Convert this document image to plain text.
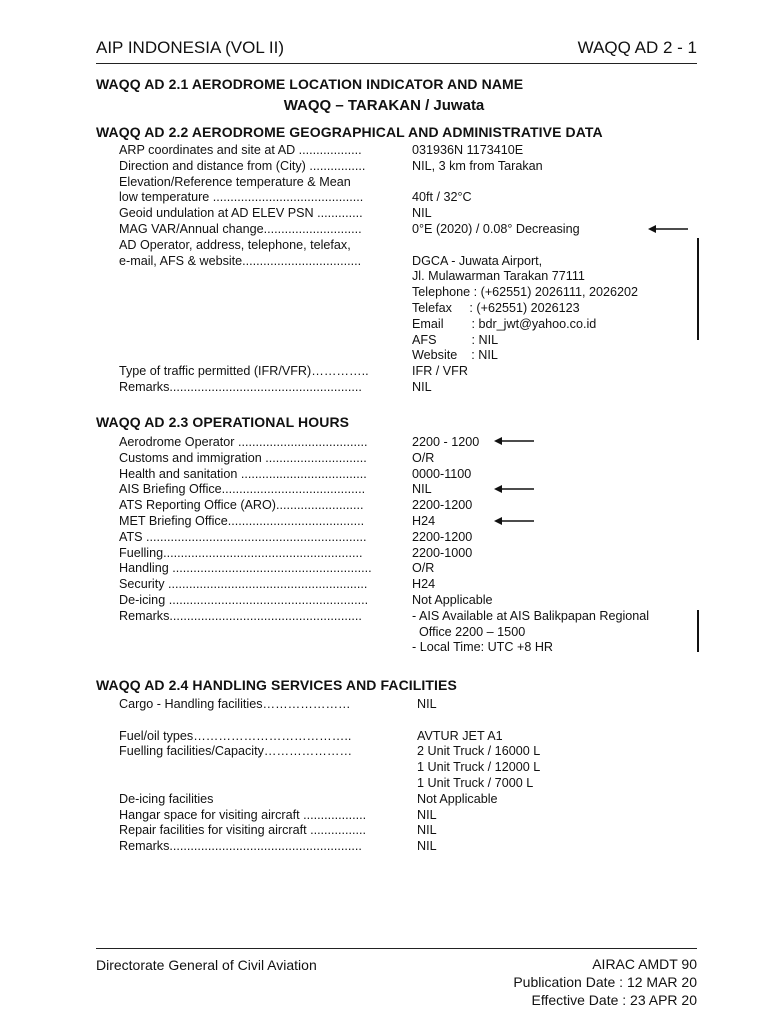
AIP INDONESIA (VOL II)	WAQQ AD 2 - 1
WAQQ AD 2.1 AERODROME LOCATION INDICATOR AND NAME
WAQQ – TARAKAN / Juwata
WAQQ AD 2.2 AERODROME GEOGRAPHICAL AND ADMINISTRATIVE DATA
ARP coordinates and site at AD ..................	031936N 1173410E
Direction and distance from (City) ................	NIL, 3 km from Tarakan
Elevation/Reference temperature & Mean
low temperature ...........................................	40ft / 32°C
Geoid undulation at AD ELEV PSN .............	NIL
MAG VAR/Annual change............................	0°E (2020) / 0.08° Decreasing
AD Operator, address, telephone, telefax,
e-mail, AFS & website..................................	DGCA - Juwata Airport,
Jl. Mulawarman Tarakan 77111
Telephone : (+62551) 2026111, 2026202
Telefax     : (+62551) 2026123
Email        : bdr_jwt@yahoo.co.id
AFS          : NIL
Website    : NIL
Type of traffic permitted (IFR/VFR)…………..	IFR / VFR
Remarks.......................................................	NIL
WAQQ AD 2.3 OPERATIONAL HOURS
Aerodrome Operator .....................................	2200 - 1200
Customs and immigration .............................	O/R
Health and sanitation ....................................	0000-1100
AIS Briefing Office.........................................	NIL
ATS Reporting Office (ARO).........................	2200-1200
MET Briefing Office.......................................	H24
ATS ...............................................................	2200-1200
Fuelling.........................................................	2200-1000
Handling .........................................................	O/R
Security .........................................................	H24
De-icing .........................................................	Not Applicable
Remarks.......................................................	- AIS Available at AIS Balikpapan Regional
Office 2200 – 1500
- Local Time: UTC +8 HR
WAQQ AD 2.4 HANDLING SERVICES AND FACILITIES
Cargo - Handling facilities…………………	NIL
Fuel/oil types………………………………..	AVTUR JET A1
Fuelling facilities/Capacity…………………	2 Unit Truck / 16000 L
1 Unit Truck / 12000 L
1 Unit Truck / 7000 L
De-icing facilities	Not Applicable
Hangar space for visiting aircraft ..................	NIL
Repair facilities for visiting aircraft ................	NIL
Remarks.......................................................	NIL
Directorate General of Civil Aviation	AIRAC AMDT 90
Publication Date : 12 MAR 20
Effective Date : 23 APR 20
